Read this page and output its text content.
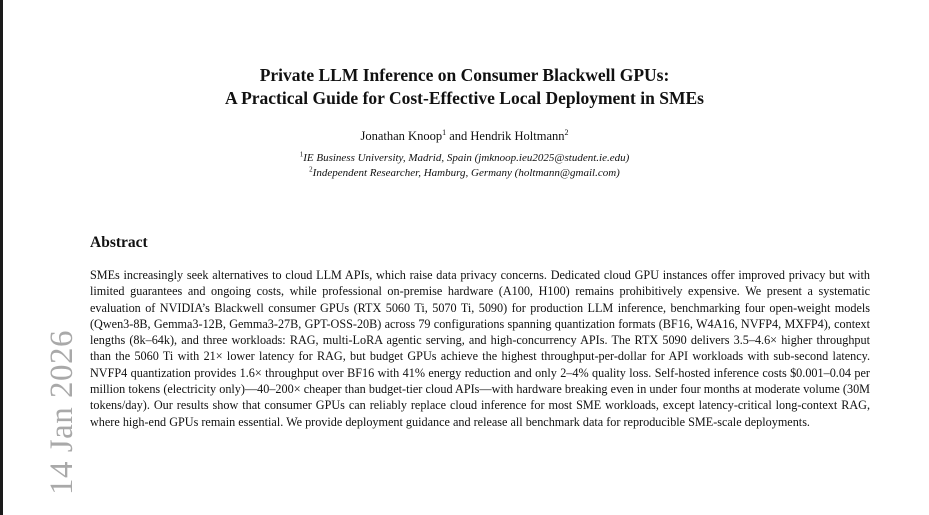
14 Jan 2026
Private LLM Inference on Consumer Blackwell GPUs:
A Practical Guide for Cost-Effective Local Deployment in SMEs
Jonathan Knoop$^1$ and Hendrik Holtmann$^2$
$^1$IE Business University, Madrid, Spain (jmknoop.ieu2025@student.ie.edu)
$^2$Independent Researcher, Hamburg, Germany (holtmann@gmail.com)
Abstract
SMEs increasingly seek alternatives to cloud LLM APIs, which raise data privacy concerns. Dedicated cloud GPU instances offer improved privacy but with limited guarantees and ongoing costs, while professional on-premise hardware (A100, H100) remains prohibitively expensive. We present a systematic evaluation of NVIDIA’s Blackwell consumer GPUs (RTX 5060 Ti, 5070 Ti, 5090) for production LLM inference, benchmarking four open-weight models (Qwen3-8B, Gemma3-12B, Gemma3-27B, GPT-OSS-20B) across 79 configurations spanning quantization formats (BF16, W4A16, NVFP4, MXFP4), context lengths (8k–64k), and three workloads: RAG, multi-LoRA agentic serving, and high-concurrency APIs. The RTX 5090 delivers 3.5–4.6× higher throughput than the 5060 Ti with 21× lower latency for RAG, but budget GPUs achieve the highest throughput-per-dollar for API workloads with sub-second latency. NVFP4 quantization provides 1.6× throughput over BF16 with 41% energy reduction and only 2–4% quality loss. Self-hosted inference costs $0.001–0.04 per million tokens (electricity only)—40–200× cheaper than budget-tier cloud APIs—with hardware breaking even in under four months at moderate volume (30M tokens/day). Our results show that consumer GPUs can reliably replace cloud inference for most SME workloads, except latency-critical long-context RAG, where high-end GPUs remain essential. We provide deployment guidance and release all benchmark data for reproducible SME-scale deployments.
